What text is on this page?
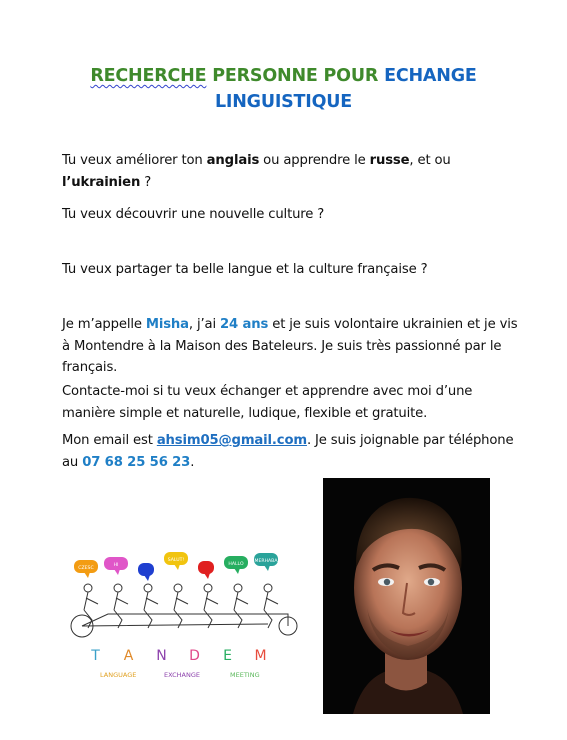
RECHERCHE PERSONNE POUR ECHANGE
LINGUISTIQUE
Tu veux améliorer ton anglais ou apprendre le russe, et ou l’ukrainien ?
Tu veux découvrir une nouvelle culture ?
Tu veux partager ta belle langue et la culture française ?
Je m’appelle Misha, j’ai 24 ans et je suis volontaire ukrainien et je vis à Montendre à la Maison des Bateleurs. Je suis très passionné par le français.
Contacte-moi si tu veux échanger et apprendre avec moi d’une manière simple et naturelle, ludique, flexible et gratuite.
Mon email est ahsim05@gmail.com. Je suis joignable par téléphone au 07 68 25 56 23.
CZESC
HI
SALUT!
HALLO
MERHABA
T A N D E M
LANGUAGE	EXCHANGE	MEETING
